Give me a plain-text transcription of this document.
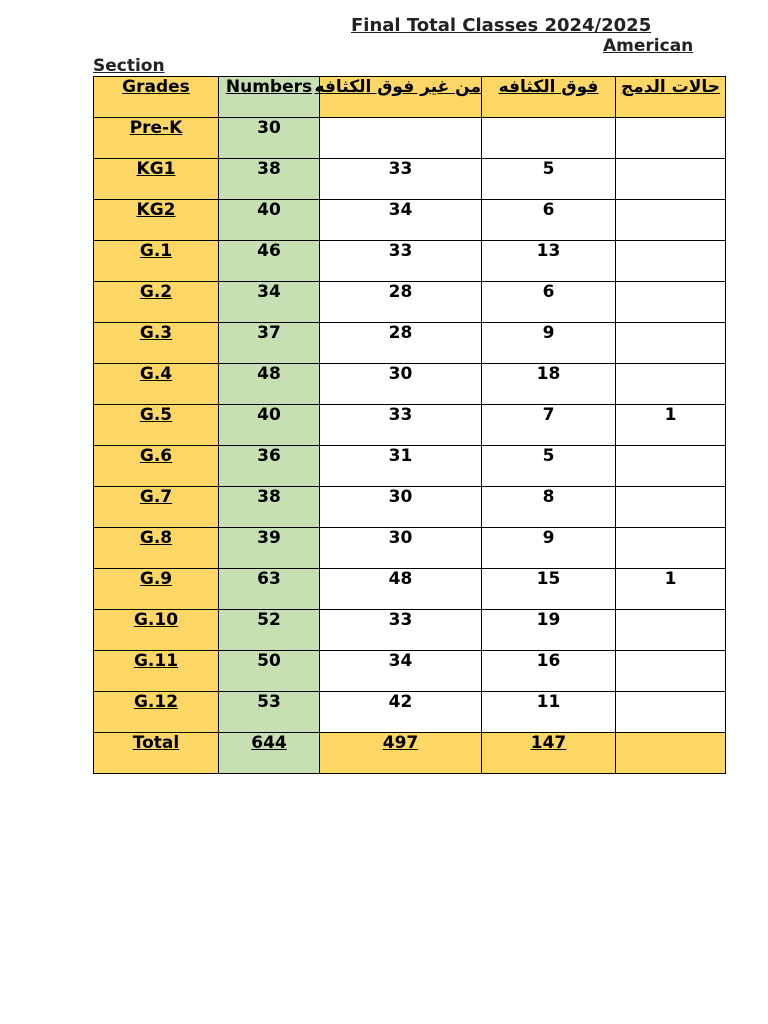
Final Total Classes 2024/2025
American
Section
Grades	Numbers	من غير فوق الكثافه	فوق الكثافه	حالات الدمج
Pre-K	30			
KG1	38	33	5	
KG2	40	34	6	
G.1	46	33	13	
G.2	34	28	6	
G.3	37	28	9	
G.4	48	30	18	
G.5	40	33	7	1
G.6	36	31	5	
G.7	38	30	8	
G.8	39	30	9	
G.9	63	48	15	1
G.10	52	33	19	
G.11	50	34	16	
G.12	53	42	11	
Total	644	497	147	
